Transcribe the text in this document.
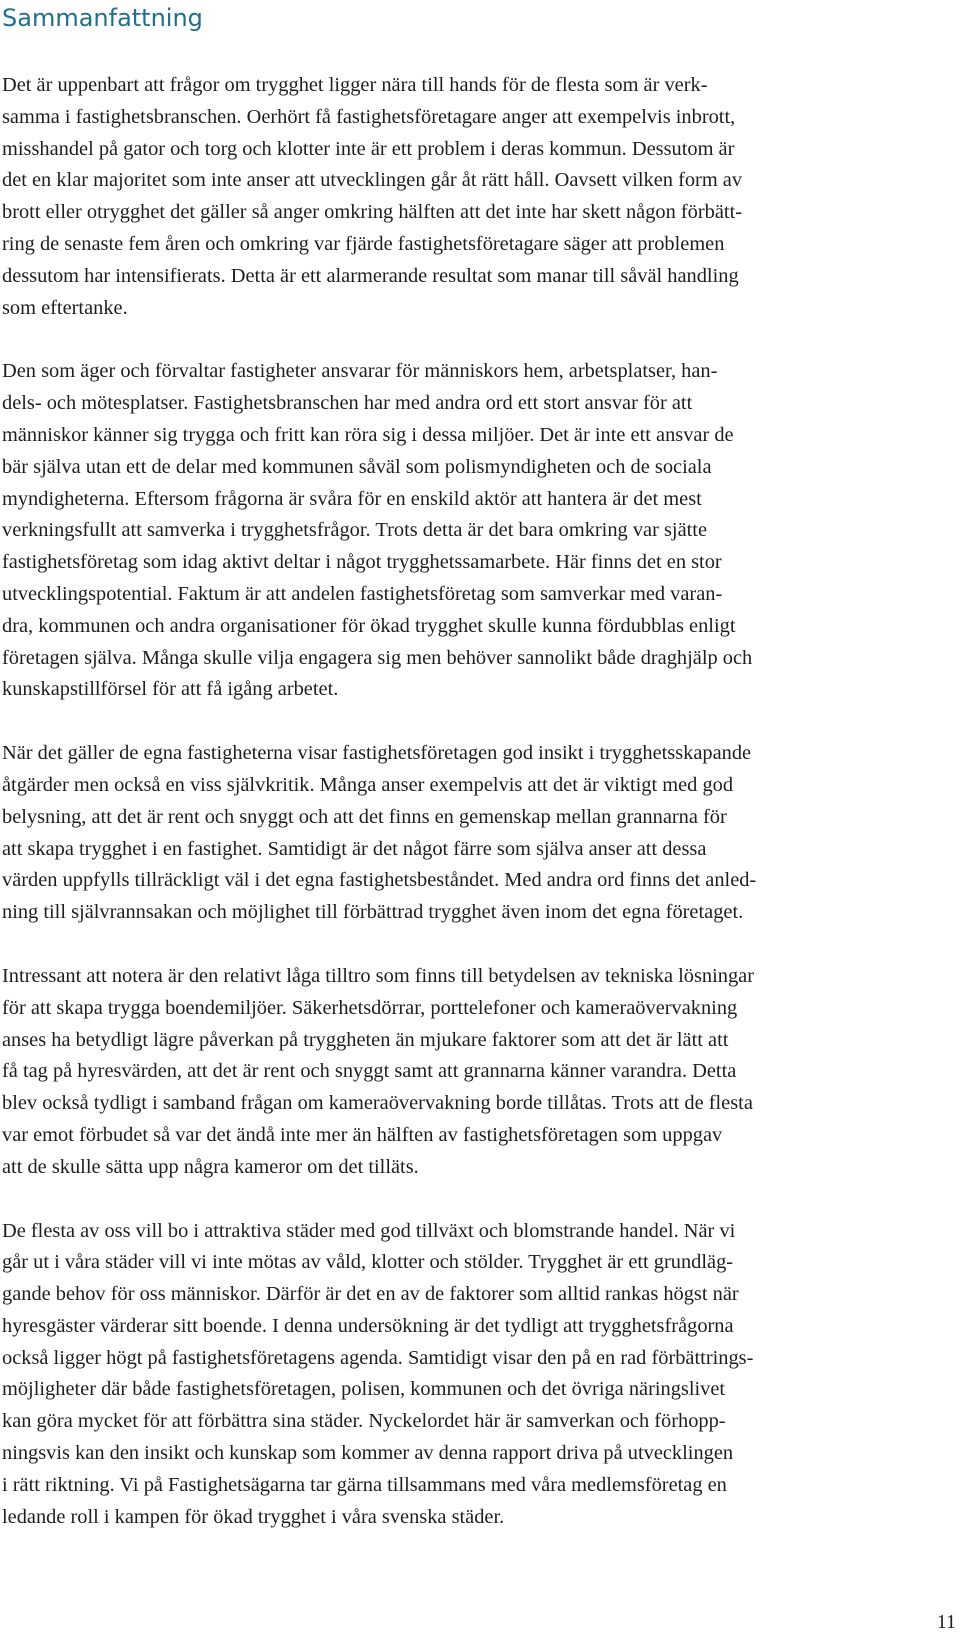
Sammanfattning

Det är uppenbart att frågor om trygghet ligger nära till hands för de flesta som är verk-
samma i fastighetsbranschen. Oerhört få fastighetsföretagare anger att exempelvis inbrott,
misshandel på gator och torg och klotter inte är ett problem i deras kommun. Dessutom är
det en klar majoritet som inte anser att utvecklingen går åt rätt håll. Oavsett vilken form av
brott eller otrygghet det gäller så anger omkring hälften att det inte har skett någon förbätt-
ring de senaste fem åren och omkring var fjärde fastighetsföretagare säger att problemen
dessutom har intensifierats. Detta är ett alarmerande resultat som manar till såväl handling
som eftertanke.

Den som äger och förvaltar fastigheter ansvarar för människors hem, arbetsplatser, han-
dels- och mötesplatser. Fastighetsbranschen har med andra ord ett stort ansvar för att
människor känner sig trygga och fritt kan röra sig i dessa miljöer. Det är inte ett ansvar de
bär själva utan ett de delar med kommunen såväl som polismyndigheten och de sociala
myndigheterna. Eftersom frågorna är svåra för en enskild aktör att hantera är det mest
verkningsfullt att samverka i trygghetsfrågor. Trots detta är det bara omkring var sjätte
fastighetsföretag som idag aktivt deltar i något trygghetssamarbete. Här finns det en stor
utvecklingspotential. Faktum är att andelen fastighetsföretag som samverkar med varan-
dra, kommunen och andra organisationer för ökad trygghet skulle kunna fördubblas enligt
företagen själva. Många skulle vilja engagera sig men behöver sannolikt både draghjälp och
kunskapstillförsel för att få igång arbetet.

När det gäller de egna fastigheterna visar fastighetsföretagen god insikt i trygghetsskapande
åtgärder men också en viss självkritik. Många anser exempelvis att det är viktigt med god
belysning, att det är rent och snyggt och att det finns en gemenskap mellan grannarna för
att skapa trygghet i en fastighet. Samtidigt är det något färre som själva anser att dessa
värden uppfylls tillräckligt väl i det egna fastighetsbeståndet. Med andra ord finns det anled-
ning till självrannsakan och möjlighet till förbättrad trygghet även inom det egna företaget.

Intressant att notera är den relativt låga tilltro som finns till betydelsen av tekniska lösningar
för att skapa trygga boendemiljöer. Säkerhetsdörrar, porttelefoner och kameraövervakning
anses ha betydligt lägre påverkan på tryggheten än mjukare faktorer som att det är lätt att
få tag på hyresvärden, att det är rent och snyggt samt att grannarna känner varandra. Detta
blev också tydligt i samband frågan om kameraövervakning borde tillåtas. Trots att de flesta
var emot förbudet så var det ändå inte mer än hälften av fastighetsföretagen som uppgav
att de skulle sätta upp några kameror om det tilläts.

De flesta av oss vill bo i attraktiva städer med god tillväxt och blomstrande handel. När vi
går ut i våra städer vill vi inte mötas av våld, klotter och stölder. Trygghet är ett grundläg-
gande behov för oss människor. Därför är det en av de faktorer som alltid rankas högst när
hyresgäster värderar sitt boende. I denna undersökning är det tydligt att trygghetsfrågorna
också ligger högt på fastighetsföretagens agenda. Samtidigt visar den på en rad förbättrings-
möjligheter där både fastighetsföretagen, polisen, kommunen och det övriga näringslivet
kan göra mycket för att förbättra sina städer. Nyckelordet här är samverkan och förhopp-
ningsvis kan den insikt och kunskap som kommer av denna rapport driva på utvecklingen
i rätt riktning. Vi på Fastighetsägarna tar gärna tillsammans med våra medlemsföretag en
ledande roll i kampen för ökad trygghet i våra svenska städer.

11
